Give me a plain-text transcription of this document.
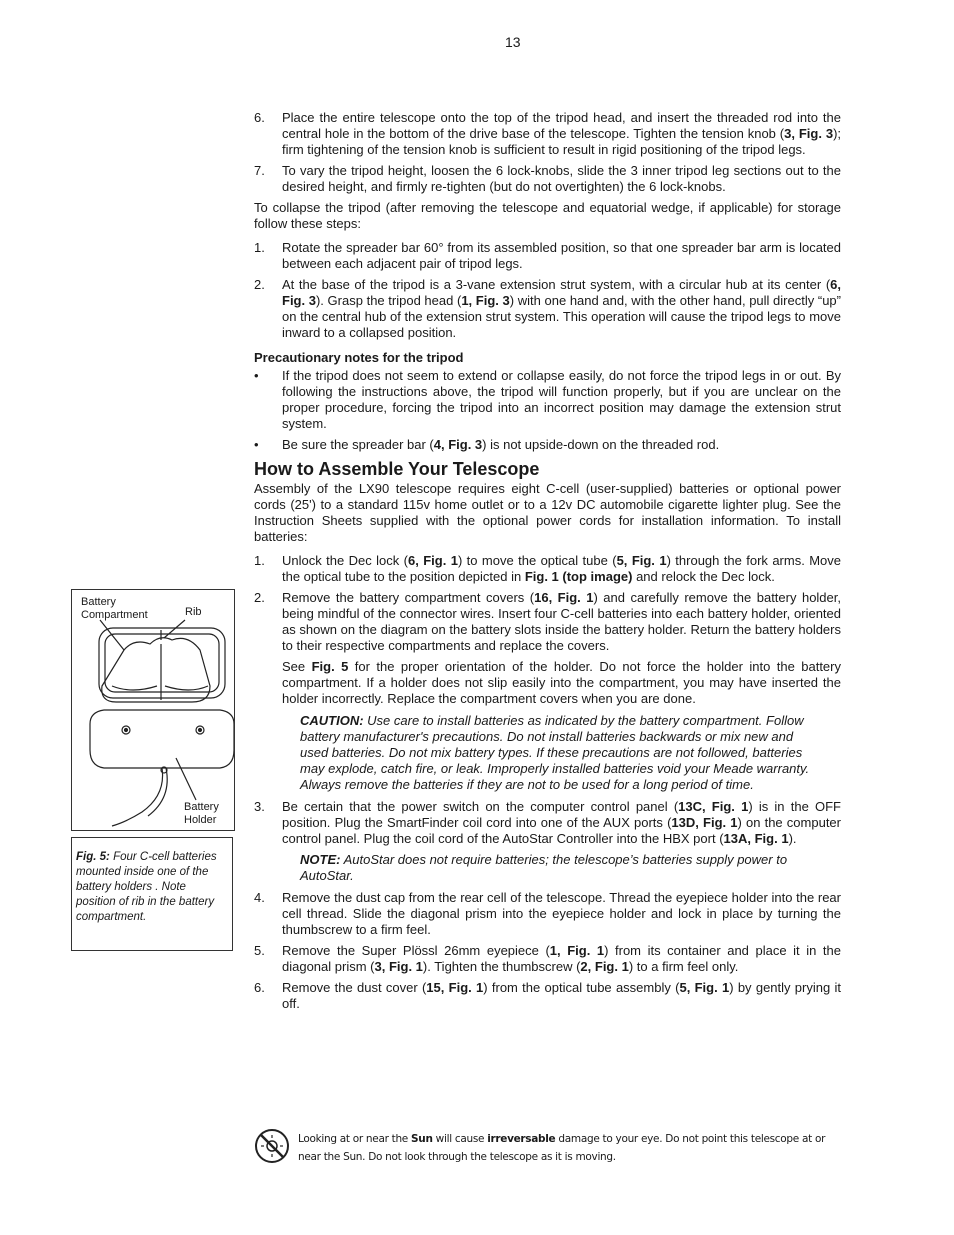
13
6. Place the entire telescope onto the top of the tripod head, and insert the threaded rod into the central hole in the bottom of the drive base of the telescope. Tighten the tension knob (3, Fig. 3); firm tightening of the tension knob is sufficient to result in rigid positioning of the tripod legs.
7. To vary the tripod height, loosen the 6 lock-knobs, slide the 3 inner tripod leg sections out to the desired height, and firmly re-tighten (but do not overtighten) the 6 lock-knobs.
To collapse the tripod (after removing the telescope and equatorial wedge, if applicable) for storage follow these steps:
1. Rotate the spreader bar 60° from its assembled position, so that one spreader bar arm is located between each adjacent pair of tripod legs.
2. At the base of the tripod is a 3-vane extension strut system, with a circular hub at its center (6, Fig. 3). Grasp the tripod head (1, Fig. 3) with one hand and, with the other hand, pull directly “up” on the central hub of the extension strut system. This operation will cause the tripod legs to move inward to a collapsed position.
Precautionary notes for the tripod
• If the tripod does not seem to extend or collapse easily, do not force the tripod legs in or out. By following the instructions above, the tripod will function properly, but if you are unclear on the proper procedure, forcing the tripod into an incorrect position may damage the extension strut system.
• Be sure the spreader bar (4, Fig. 3) is not upside-down on the threaded rod.
How to Assemble Your Telescope
Assembly of the LX90 telescope requires eight C-cell (user-supplied) batteries or optional power cords (25') to a standard 115v home outlet or to a 12v DC automobile cigarette lighter plug. See the Instruction Sheets supplied with the optional power cords for installation information. To install batteries:
1. Unlock the Dec lock (6, Fig. 1) to move the optical tube (5, Fig. 1) through the fork arms. Move the optical tube to the position depicted in Fig. 1 (top image) and relock the Dec lock.
2. Remove the battery compartment covers (16, Fig. 1) and carefully remove the battery holder, being mindful of the connector wires. Insert four C-cell batteries into each battery holder, oriented as shown on the diagram on the battery slots inside the battery holder. Return the battery holders to their respective compartments and replace the covers.
See Fig. 5 for the proper orientation of the holder. Do not force the holder into the battery compartment. If a holder does not slip easily into the compartment, you may have inserted the holder incorrectly. Replace the compartment covers when you are done.
CAUTION: Use care to install batteries as indicated by the battery compartment. Follow battery manufacturer's precautions. Do not install batteries backwards or mix new and used batteries. Do not mix battery types. If these precautions are not followed, batteries may explode, catch fire, or leak. Improperly installed batteries void your Meade warranty. Always remove the batteries if they are not to be used for a long period of time.
3. Be certain that the power switch on the computer control panel (13C, Fig. 1) is in the OFF position. Plug the SmartFinder coil cord into one of the AUX ports (13D, Fig. 1) on the computer control panel. Plug the coil cord of the AutoStar Controller into the HBX port (13A, Fig. 1).
NOTE: AutoStar does not require batteries; the telescope’s batteries supply power to AutoStar.
4. Remove the dust cap from the rear cell of the telescope. Thread the eyepiece holder into the rear cell thread. Slide the diagonal prism into the eyepiece holder and lock in place by turning the thumbscrew to a firm feel.
5. Remove the Super Plössl 26mm eyepiece (1, Fig. 1) from its container and place it in the diagonal prism (3, Fig. 1). Tighten the thumbscrew (2, Fig. 1) to a firm feel only.
6. Remove the dust cover (15, Fig. 1) from the optical tube assembly (5, Fig. 1) by gently prying it off.
Battery
Compartment	Rib
Battery
Holder
Fig. 5: Four C-cell batteries mounted inside one of the battery holders . Note position of rib in the battery compartment.
Looking at or near the Sun will cause irreversable damage to your eye. Do not point this telescope at or near the Sun. Do not look through the telescope as it is moving.
